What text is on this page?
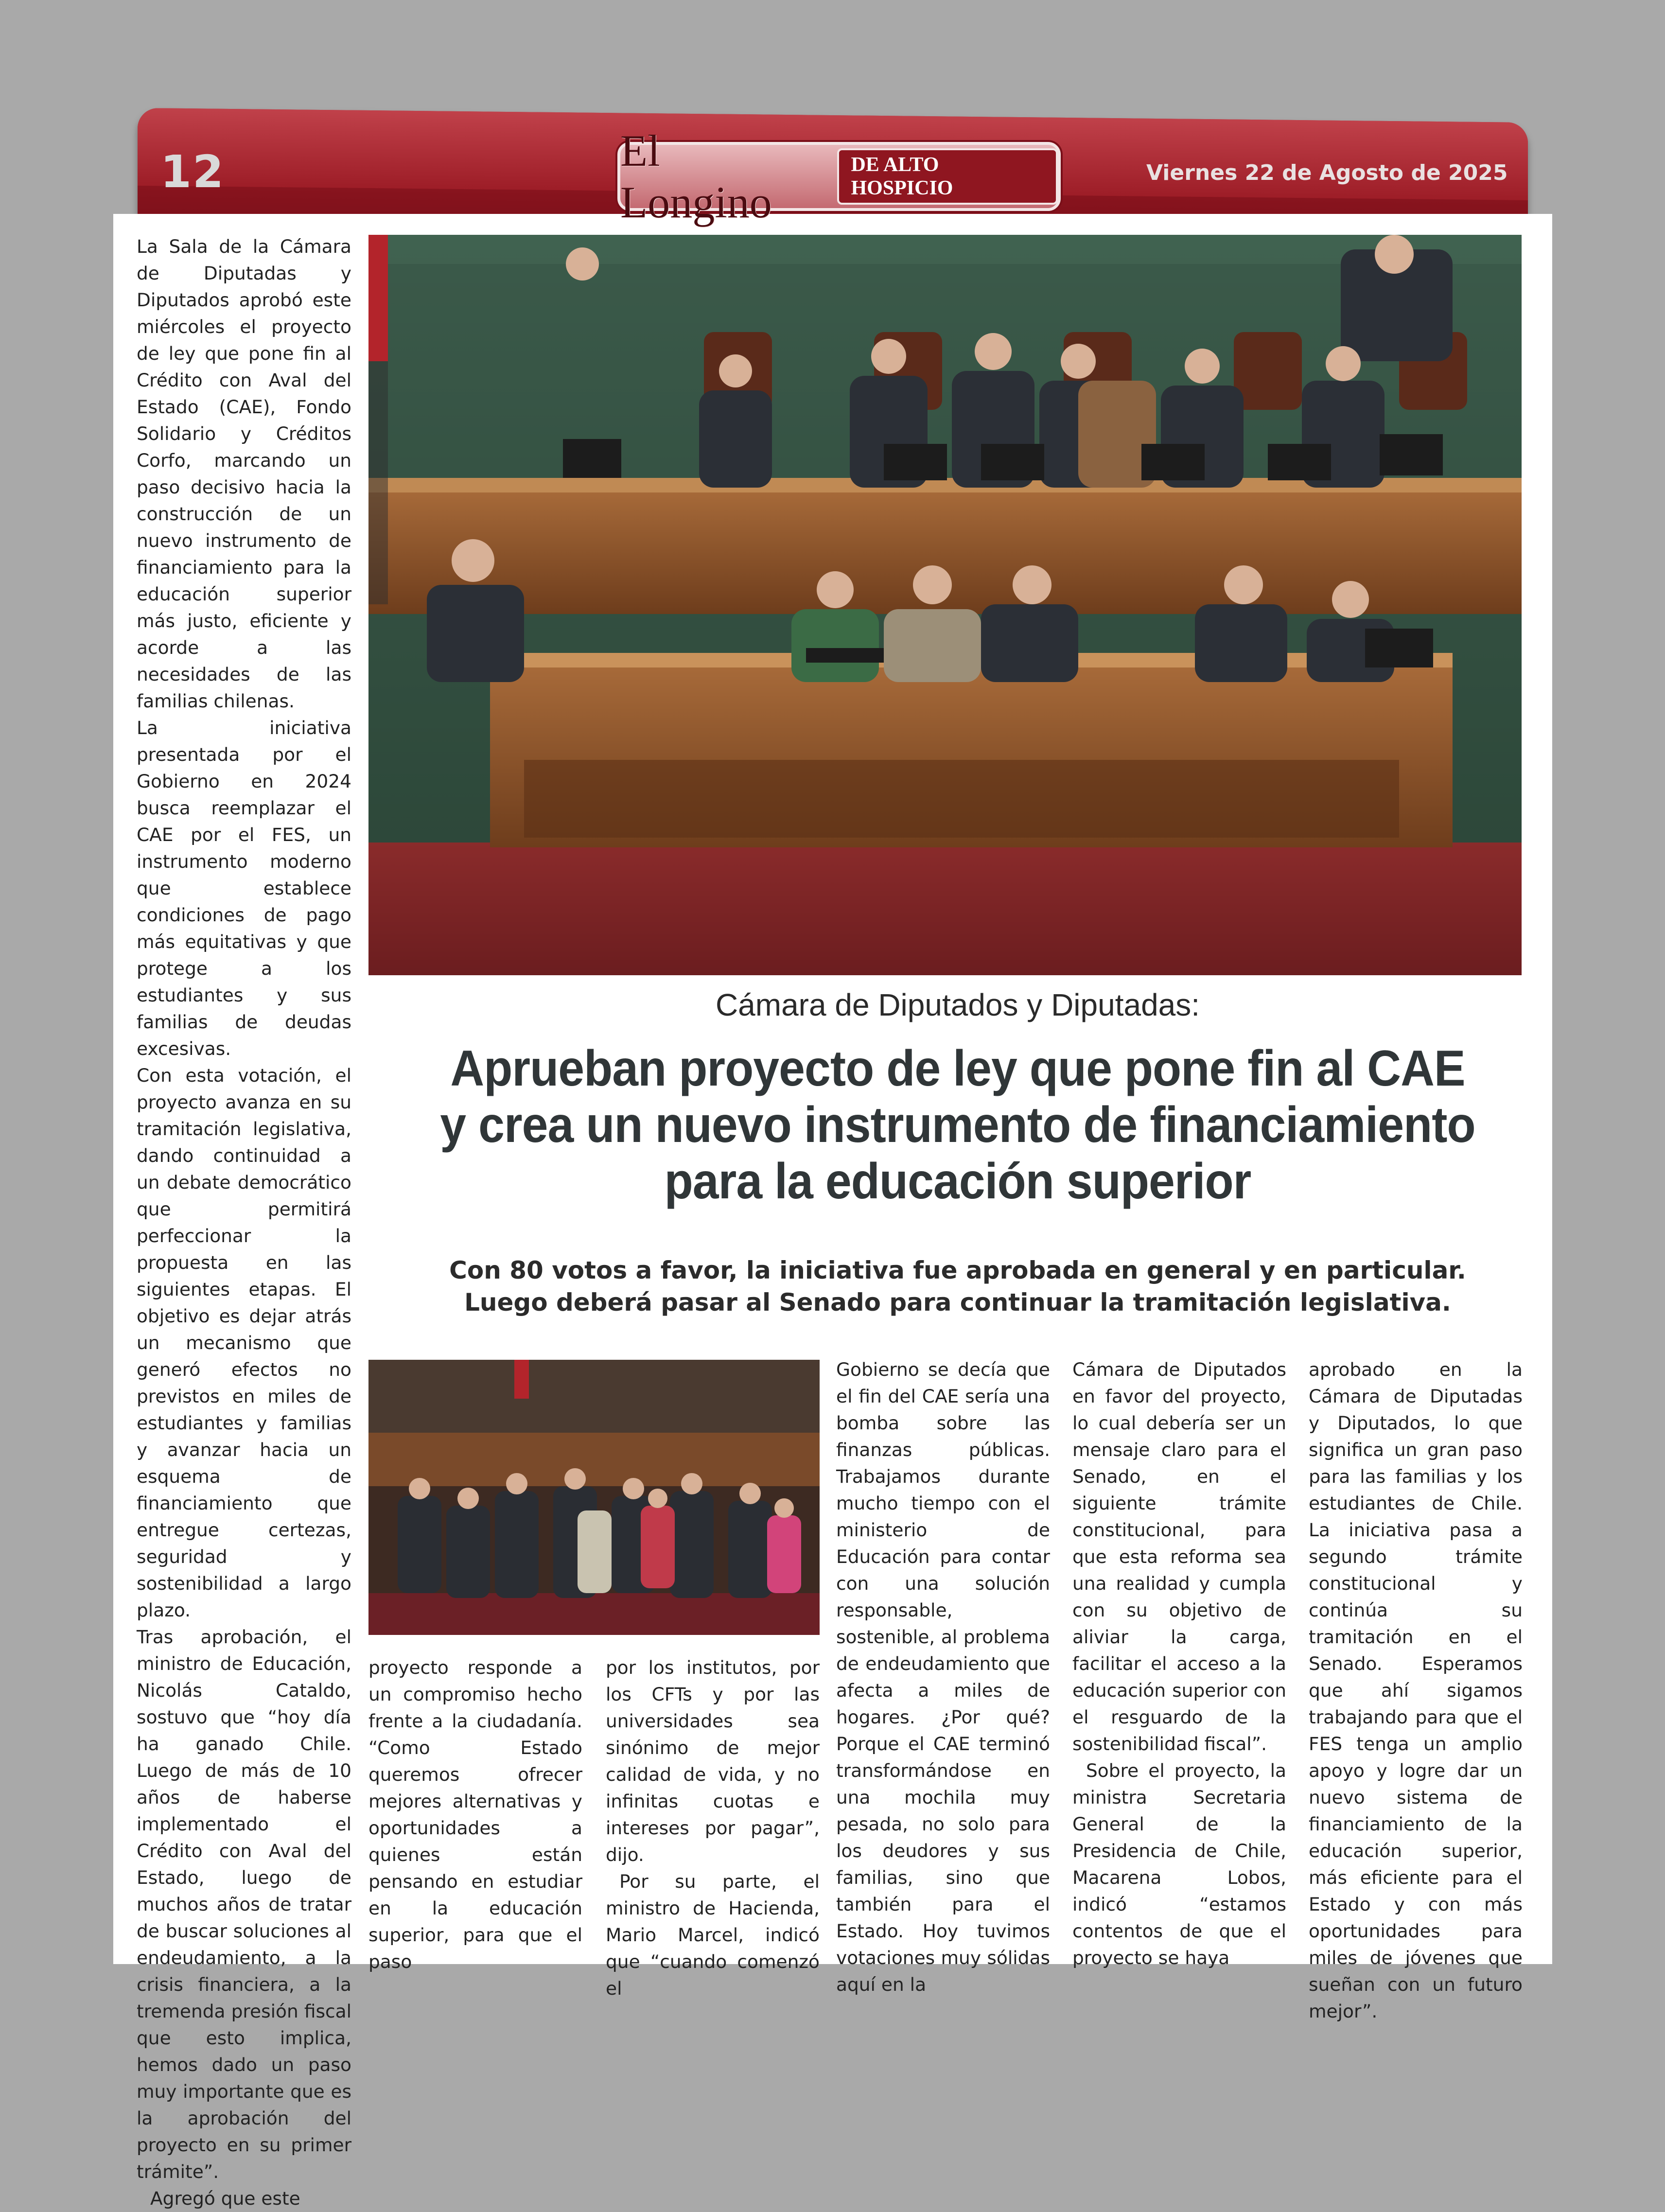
12	El Longino
DE ALTO HOSPICIO
Viernes 22 de Agosto de 2025

La Sala de la Cámara de Diputadas y Diputados aprobó este miércoles el proyecto de ley que pone fin al Crédito con Aval del Estado (CAE), Fondo Solidario y Créditos Corfo, marcando un paso decisivo hacia la construcción de un nuevo instrumento de financiamiento para la educación superior más justo, eficiente y acorde a las necesidades de las familias chilenas.

La iniciativa presentada por el Gobierno en 2024 busca reemplazar el CAE por el FES, un instrumento moderno que establece condiciones de pago más equitativas y que protege a los estudiantes y sus familias de deudas excesivas.

Con esta votación, el proyecto avanza en su tramitación legislativa, dando continuidad a un debate democrático que permitirá perfeccionar la propuesta en las siguientes etapas. El objetivo es dejar atrás un mecanismo que generó efectos no previstos en miles de estudiantes y familias y avanzar hacia un esquema de financiamiento que entregue certezas, seguridad y sostenibilidad a largo plazo.

Tras aprobación, el ministro de Educación, Nicolás Cataldo, sostuvo que “hoy día ha ganado Chile. Luego de más de 10 años de haberse implementado el Crédito con Aval del Estado, luego de muchos años de tratar de buscar soluciones al endeudamiento, a la crisis financiera, a la tremenda presión fiscal que esto implica, hemos dado un paso muy importante que es la aprobación del proyecto en su primer trámite”.

Agregó que este

Cámara de Diputados y Diputadas:
Aprueban proyecto de ley que pone fin al CAE
y crea un nuevo instrumento de financiamiento
para la educación superior
Con 80 votos a favor, la iniciativa fue aprobada en general y en particular.
Luego deberá pasar al Senado para continuar la tramitación legislativa.

proyecto responde a un compromiso hecho frente a la ciudadanía. “Como Estado queremos ofrecer mejores alternativas y oportunidades a quienes están pensando en estudiar en la educación superior, para que el paso

por los institutos, por los CFTs y por las universidades sea sinónimo de mejor calidad de vida, y no infinitas cuotas e intereses por pagar”, dijo.

Por su parte, el ministro de Hacienda, Mario Marcel, indicó que “cuando comenzó el

Gobierno se decía que el fin del CAE sería una bomba sobre las finanzas públicas. Trabajamos durante mucho tiempo con el ministerio de Educación para contar con una solución responsable, sostenible, al problema de endeudamiento que afecta a miles de hogares. ¿Por qué? Porque el CAE terminó transformándose en una mochila muy pesada, no solo para los deudores y sus familias, sino que también para el Estado. Hoy tuvimos votaciones muy sólidas aquí en la

Cámara de Diputados en favor del proyecto, lo cual debería ser un mensaje claro para el Senado, en el siguiente trámite constitucional, para que esta reforma sea una realidad y cumpla con su objetivo de aliviar la carga, facilitar el acceso a la educación superior con el resguardo de la sostenibilidad fiscal”.

Sobre el proyecto, la ministra Secretaria General de la Presidencia de Chile, Macarena Lobos, indicó “estamos contentos de que el proyecto se haya

aprobado en la Cámara de Diputadas y Diputados, lo que significa un gran paso para las familias y los estudiantes de Chile. La iniciativa pasa a segundo trámite constitucional y continúa su tramitación en el Senado. Esperamos que ahí sigamos trabajando para que el FES tenga un amplio apoyo y logre dar un nuevo sistema de financiamiento de la educación superior, más eficiente para el Estado y con más oportunidades para miles de jóvenes que sueñan con un futuro mejor”.
